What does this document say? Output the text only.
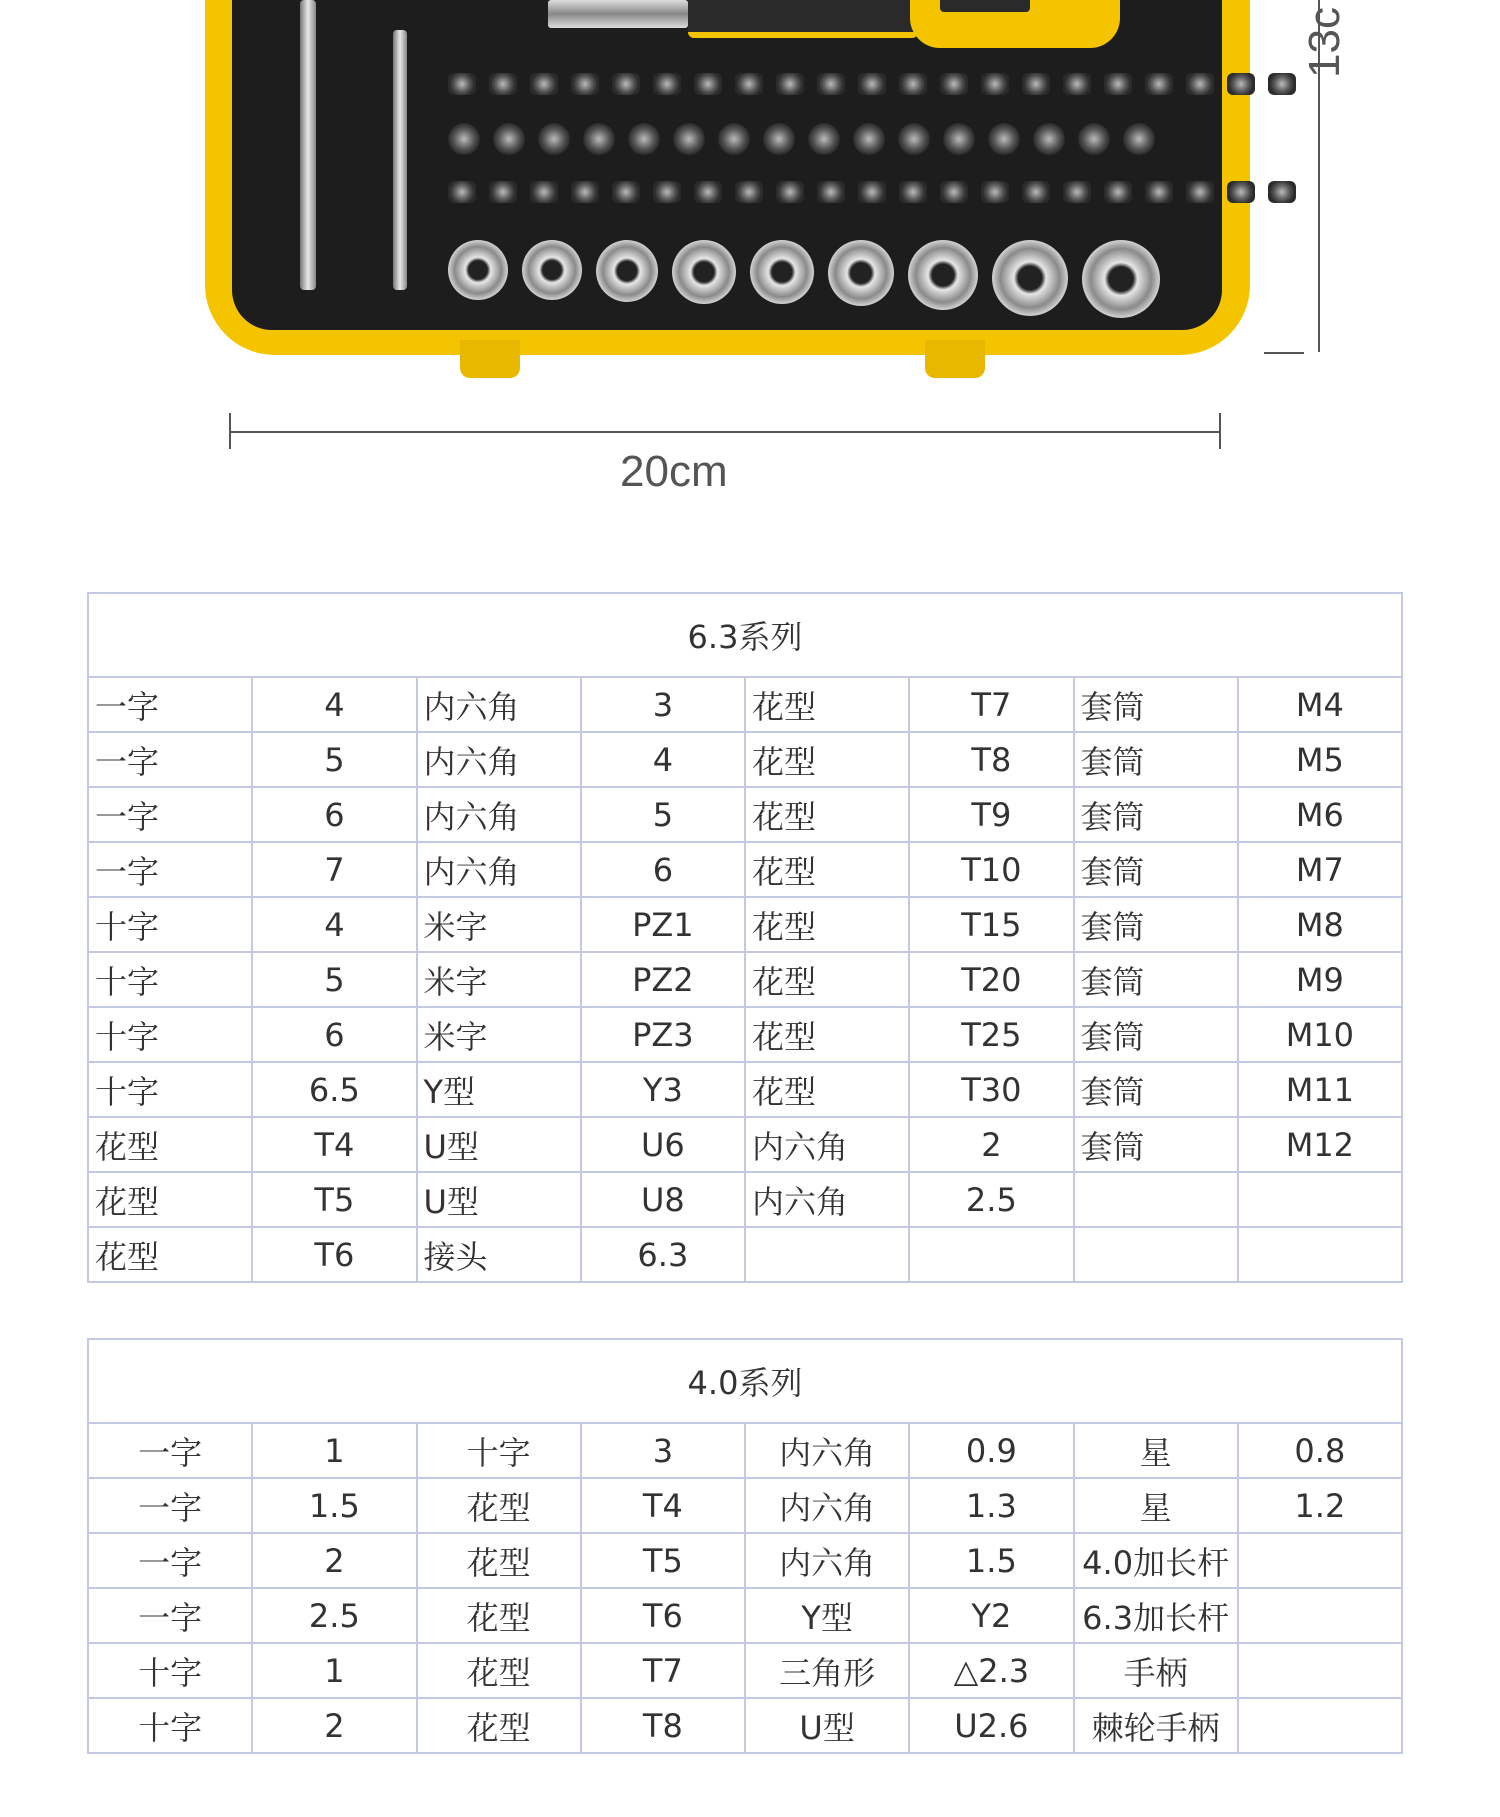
20cm
13c
6.3系列							
一字	4	内六角	3	花型	T7	套筒	M4
一字	5	内六角	4	花型	T8	套筒	M5
一字	6	内六角	5	花型	T9	套筒	M6
一字	7	内六角	6	花型	T10	套筒	M7
十字	4	米字	PZ1	花型	T15	套筒	M8
十字	5	米字	PZ2	花型	T20	套筒	M9
十字	6	米字	PZ3	花型	T25	套筒	M10
十字	6.5	Y型	Y3	花型	T30	套筒	M11
花型	T4	U型	U6	内六角	2	套筒	M12
花型	T5	U型	U8	内六角	2.5		
花型	T6	接头	6.3				
4.0系列							
一字	1	十字	3	内六角	0.9	星	0.8
一字	1.5	花型	T4	内六角	1.3	星	1.2
一字	2	花型	T5	内六角	1.5	4.0加长杆	
一字	2.5	花型	T6	Y型	Y2	6.3加长杆	
十字	1	花型	T7	三角形	△2.3	手柄	
十字	2	花型	T8	U型	U2.6	棘轮手柄	
